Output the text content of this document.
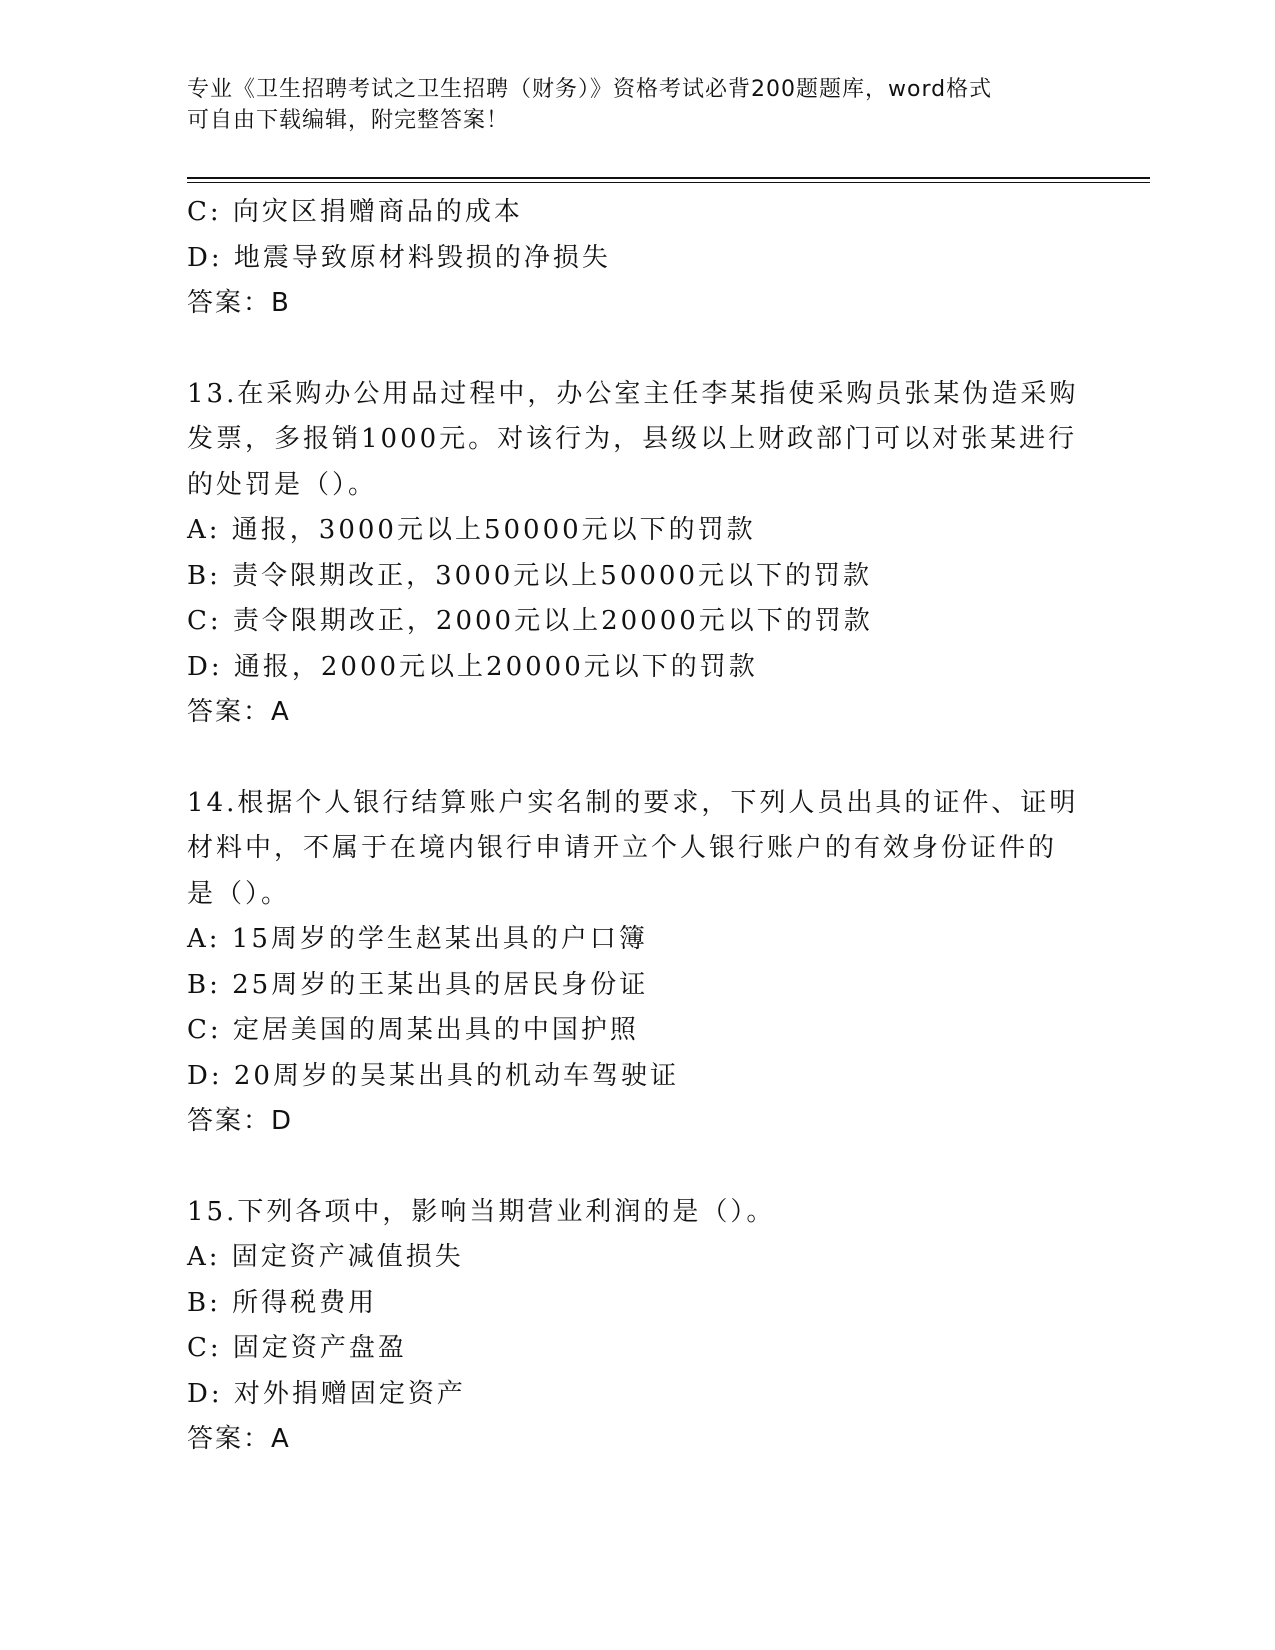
专业《卫生招聘考试之卫生招聘（财务）》资格考试必背200题题库，word格式
可自由下载编辑，附完整答案！
C: 向灾区捐赠商品的成本
D: 地震导致原材料毁损的净损失
答案：B
13.在采购办公用品过程中，办公室主任李某指使采购员张某伪造采购
发票，多报销1000元。对该行为，县级以上财政部门可以对张某进行
的处罚是（）。
A: 通报，3000元以上50000元以下的罚款
B: 责令限期改正，3000元以上50000元以下的罚款
C: 责令限期改正，2000元以上20000元以下的罚款
D: 通报，2000元以上20000元以下的罚款
答案：A
14.根据个人银行结算账户实名制的要求，下列人员出具的证件、证明
材料中，不属于在境内银行申请开立个人银行账户的有效身份证件的
是（）。
A: 15周岁的学生赵某出具的户口簿
B: 25周岁的王某出具的居民身份证
C: 定居美国的周某出具的中国护照
D: 20周岁的吴某出具的机动车驾驶证
答案：D
15.下列各项中，影响当期营业利润的是（）。
A: 固定资产减值损失
B: 所得税费用
C: 固定资产盘盈
D: 对外捐赠固定资产
答案：A
